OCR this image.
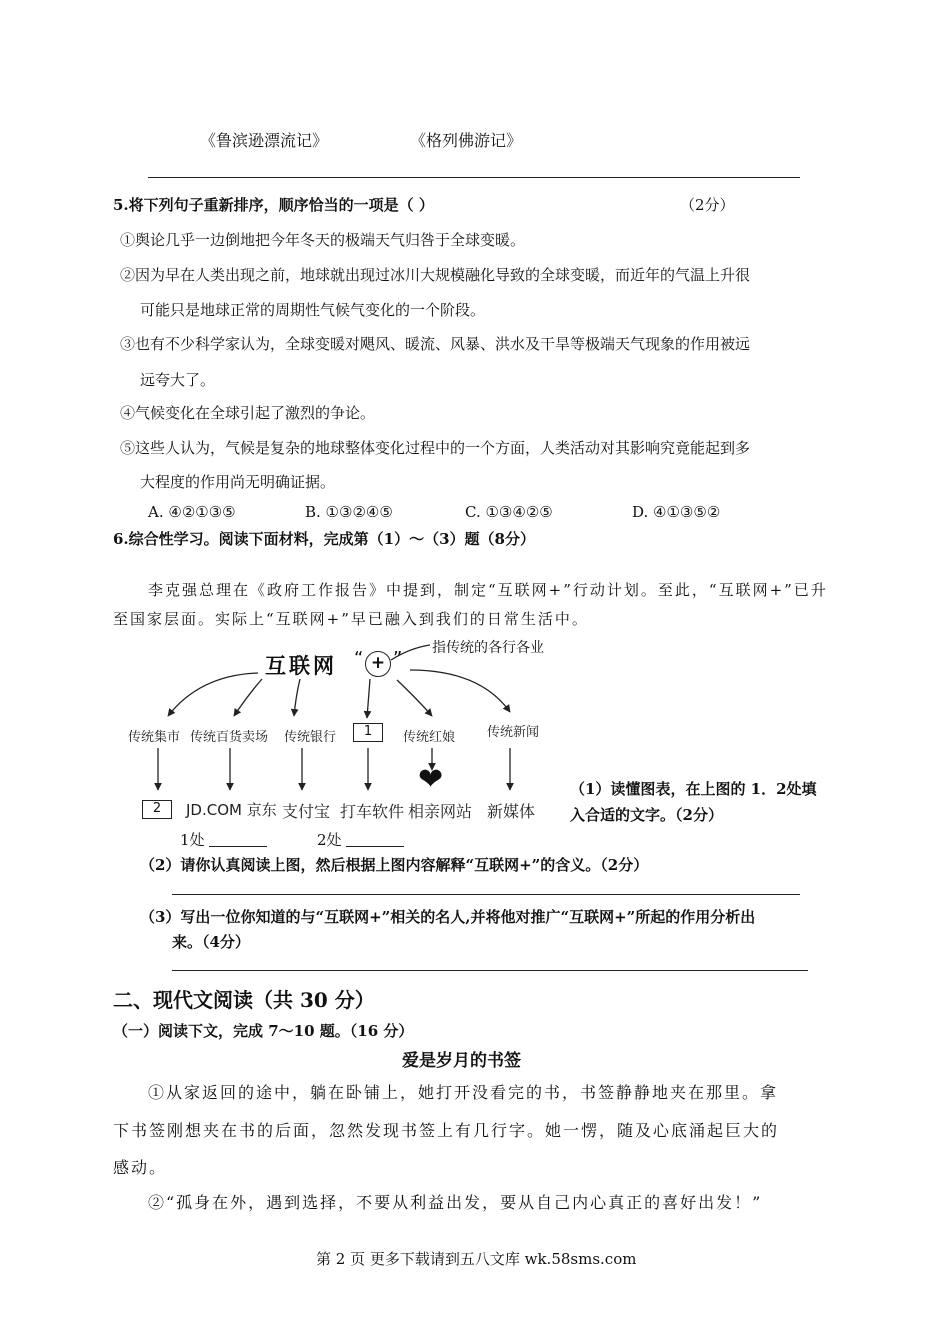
《鲁滨逊漂流记》	《格列佛游记》
5.将下列句子重新排序，顺序恰当的一项是（ ）	（2分）
①舆论几乎一边倒地把今年冬天的极端天气归咎于全球变暖。
②因为早在人类出现之前，地球就出现过冰川大规模融化导致的全球变暖，而近年的气温上升很
可能只是地球正常的周期性气候气变化的一个阶段。
③也有不少科学家认为，全球变暖对飓风、暖流、风暴、洪水及干旱等极端天气现象的作用被远
远夸大了。
④气候变化在全球引起了激烈的争论。
⑤这些人认为，气候是复杂的地球整体变化过程中的一个方面，人类活动对其影响究竟能起到多
大程度的作用尚无明确证据。
A. ④②①③⑤	B. ①③②④⑤	C. ①③④②⑤	D. ④①③⑤②
6.综合性学习。阅读下面材料，完成第（1）～（3）题（8分）
李克强总理在《政府工作报告》中提到，制定“互联网+”行动计划。至此，“互联网+”已升
至国家层面。实际上“互联网+”早已融入到我们的日常生活中。
互联网 “ + ” 指传统的各行各业
传统集市 传统百货卖场 传统银行	1	传统红娘 传统新闻
❤
2	JD.COM 京东 支付宝 打车软件 相亲网站 新媒体
1处	2处
（1）读懂图表，在上图的 1．2处填
入合适的文字。（2分）
（2）请你认真阅读上图，然后根据上图内容解释“互联网+”的含义。（2分）
（3）写出一位你知道的与“互联网+”相关的名人,并将他对推广“互联网+”所起的作用分析出
来。（4分）
二、现代文阅读（共 30 分）
（一）阅读下文，完成 7～10 题。（16 分）
爱是岁月的书签
①从家返回的途中，躺在卧铺上，她打开没看完的书，书签静静地夹在那里。拿
下书签刚想夹在书的后面，忽然发现书签上有几行字。她一愣，随及心底涌起巨大的
感动。
②“孤身在外，遇到选择，不要从利益出发，要从自己内心真正的喜好出发！”
第 2 页 更多下载请到五八文库 wk.58sms.com
